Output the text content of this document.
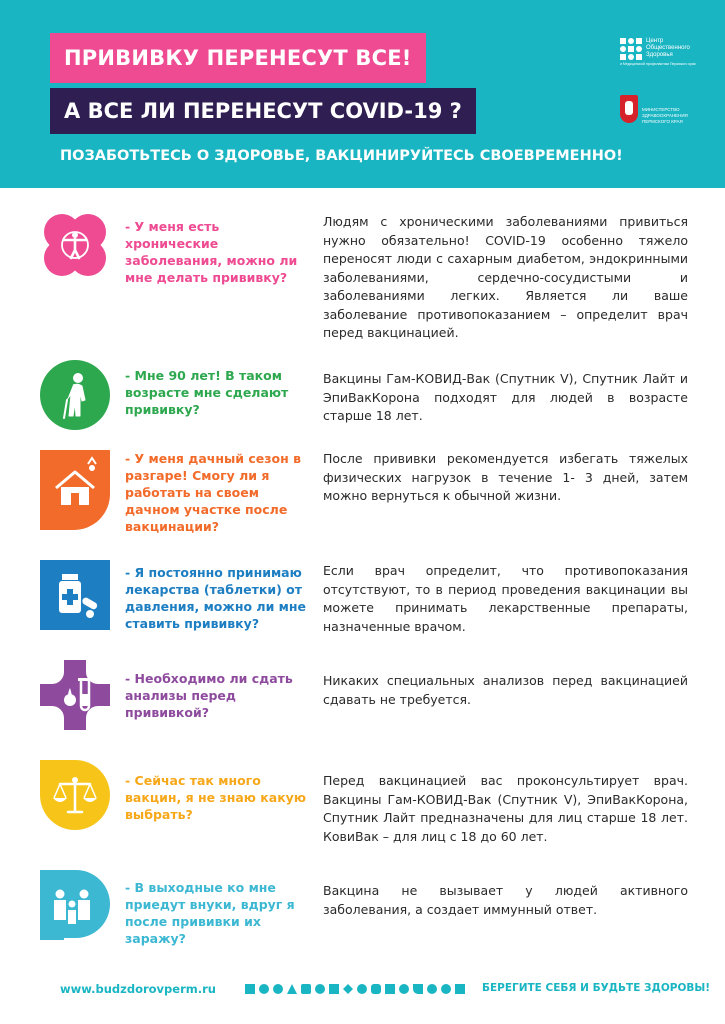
ПРИВИВКУ ПЕРЕНЕСУТ ВСЕ!
А ВСЕ ЛИ ПЕРЕНЕСУТ COVID-19 ?
ПОЗАБОТЬТЕСЬ О ЗДОРОВЬЕ, ВАКЦИНИРУЙТЕСЬ СВОЕВРЕМЕННО!
Центр
Общественного
Здоровья
и Медицинской профилактики Пермского края
МИНИСТЕРСТВО
ЗДРАВООХРАНЕНИЯ
ПЕРМСКОГО КРАЯ
- У меня есть хронические заболевания, можно ли мне делать прививку?
Людям с хроническими заболеваниями привиться нужно обязательно! COVID-19 особенно тяжело переносят люди с сахарным диабетом, эндокринными заболеваниями, сердечно-сосудистыми и заболеваниями легких. Является ли ваше заболевание противопоказанием – определит врач перед вакцинацией.
- Мне 90 лет! В таком возрасте мне сделают прививку?
Вакцины Гам-КОВИД-Вак (Спутник V), Спутник Лайт и ЭпиВакКорона подходят для людей в возрасте старше 18 лет.
- У меня дачный сезон в разгаре! Смогу ли я работать на своем дачном участке после вакцинации?
После прививки рекомендуется избегать тяжелых физических нагрузок в течение 1- 3 дней, затем можно вернуться к обычной жизни.
- Я постоянно принимаю лекарства (таблетки) от давления, можно ли мне ставить прививку?
Если врач определит, что противопоказания отсутствуют, то в период проведения вакцинации вы можете принимать лекарственные препараты, назначенные врачом.
- Необходимо ли сдать анализы перед прививкой?
Никаких специальных анализов перед вакцинацией сдавать не требуется.
- Сейчас так много вакцин, я не знаю какую выбрать?
Перед вакцинацией вас проконсультирует врач. Вакцины Гам-КОВИД-Вак (Спутник V), ЭпиВакКорона, Спутник Лайт предназначены для лиц старше 18 лет. КовиВак – для лиц с 18 до 60 лет.
- В выходные ко мне приедут внуки, вдруг я после прививки их заражу?
Вакцина не вызывает у людей активного заболевания, а создает иммунный ответ.
www.budzdorovperm.ru	БЕРЕГИТЕ СЕБЯ И БУДЬТЕ ЗДОРОВЫ!
